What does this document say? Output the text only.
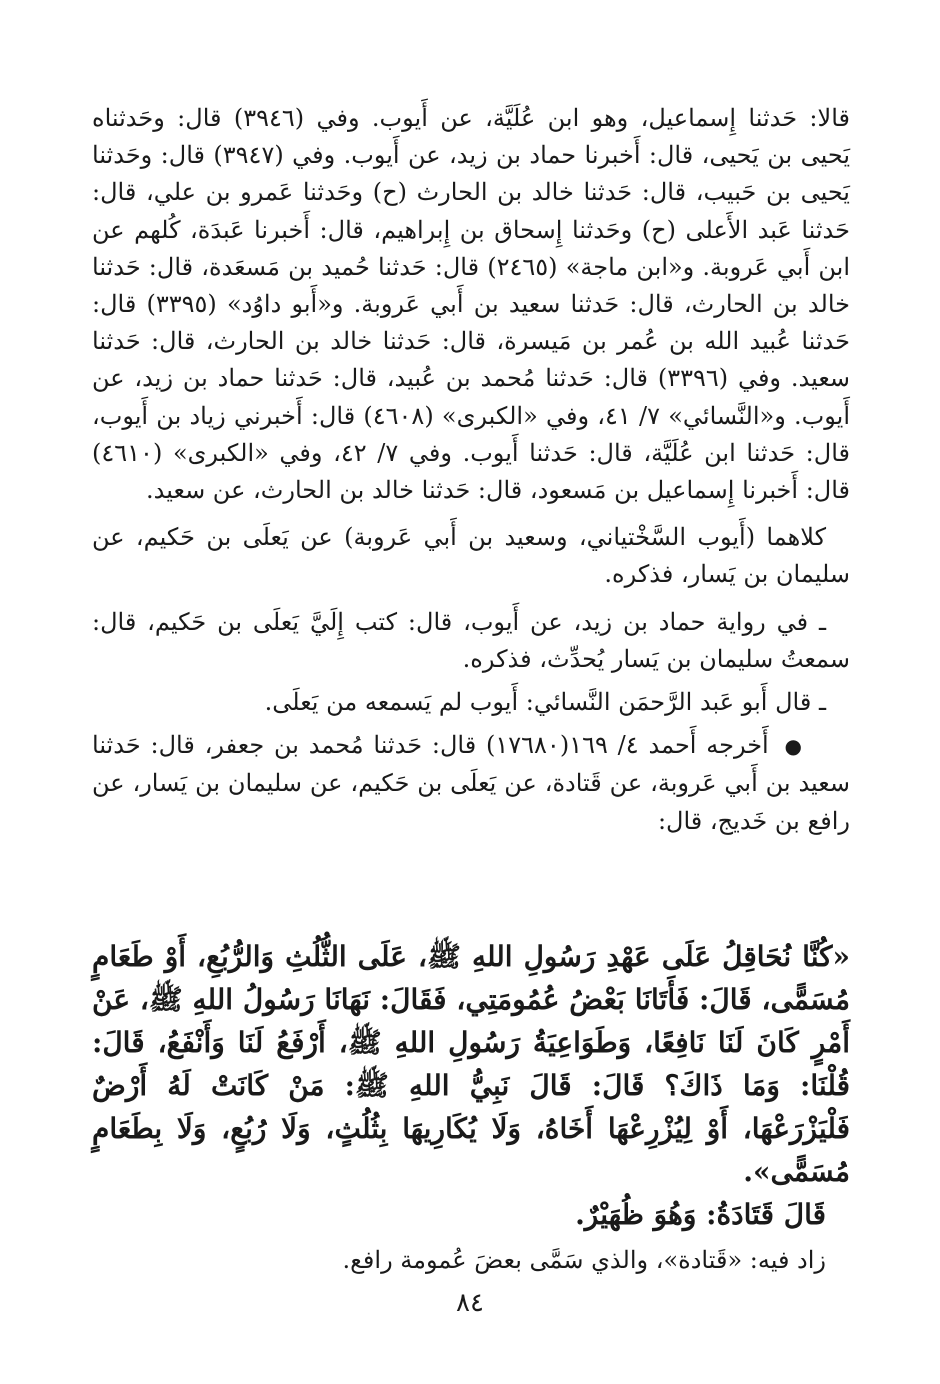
قالا: حَدثنا إِسماعيل، وهو ابن عُلَيَّة، عن أَيوب. وفي (٣٩٤٦) قال: وحَدثناه يَحيى بن يَحيى، قال: أَخبرنا حماد بن زيد، عن أَيوب. وفي (٣٩٤٧) قال: وحَدثنا يَحيى بن حَبيب، قال: حَدثنا خالد بن الحارث (ح) وحَدثنا عَمرو بن علي، قال: حَدثنا عَبد الأَعلى (ح) وحَدثنا إِسحاق بن إِبراهيم، قال: أَخبرنا عَبدَة، كُلهم عن ابن أَبي عَروبة. و«ابن ماجة» (٢٤٦٥) قال: حَدثنا حُميد بن مَسعَدة، قال: حَدثنا خالد بن الحارث، قال: حَدثنا سعيد بن أَبي عَروبة. و«أَبو داوُد» (٣٣٩٥) قال: حَدثنا عُبيد الله بن عُمر بن مَيسرة، قال: حَدثنا خالد بن الحارث، قال: حَدثنا سعيد. وفي (٣٣٩٦) قال: حَدثنا مُحمد بن عُبيد، قال: حَدثنا حماد بن زيد، عن أَيوب. و«النَّسائي» ٧/ ٤١، وفي «الكبرى» (٤٦٠٨) قال: أَخبرني زياد بن أَيوب، قال: حَدثنا ابن عُلَيَّة، قال: حَدثنا أَيوب. وفي ٧/ ٤٢، وفي «الكبرى» (٤٦١٠) قال: أَخبرنا إِسماعيل بن مَسعود، قال: حَدثنا خالد بن الحارث، عن سعيد.

كلاهما (أَيوب السَّخْتياني، وسعيد بن أَبي عَروبة) عن يَعلَى بن حَكيم، عن سليمان بن يَسار، فذكره.

ـ في رواية حماد بن زيد، عن أَيوب، قال: كتب إِلَيَّ يَعلَى بن حَكيم، قال: سمعتُ سليمان بن يَسار يُحدِّث، فذكره.

ـ قال أَبو عَبد الرَّحمَن النَّسائي: أَيوب لم يَسمعه من يَعلَى.

● أَخرجه أَحمد ٤/ ١٦٩(١٧٦٨٠) قال: حَدثنا مُحمد بن جعفر، قال: حَدثنا سعيد بن أَبي عَروبة، عن قَتادة، عن يَعلَى بن حَكيم، عن سليمان بن يَسار، عن رافع بن خَديج، قال:

«كُنَّا نُحَاقِلُ عَلَى عَهْدِ رَسُولِ اللهِ ﷺ، عَلَى الثُّلُثِ وَالرُّبُعِ، أَوْ طَعَامٍ مُسَمًّى، قَالَ: فَأَتَانَا بَعْضُ عُمُومَتِي، فَقَالَ: نَهَانَا رَسُولُ اللهِ ﷺ، عَنْ أَمْرٍ كَانَ لَنَا نَافِعًا، وَطَوَاعِيَةُ رَسُولِ اللهِ ﷺ، أَرْفَعُ لَنَا وَأَنْفَعُ، قَالَ: قُلْنَا: وَمَا ذَاكَ؟ قَالَ: قَالَ نَبِيُّ اللهِ ﷺ: مَنْ كَانَتْ لَهُ أَرْضٌ فَلْيَزْرَعْهَا، أَوْ لِيُزْرِعْهَا أَخَاهُ، وَلَا يُكَارِيهَا بِثُلُثٍ، وَلَا رُبُعٍ، وَلَا بِطَعَامٍ مُسَمًّى».

قَالَ قَتَادَةُ: وَهُوَ ظُهَيْرٌ.

زاد فيه: «قَتادة»، والذي سَمَّى بعضَ عُمومة رافع.

٨٤
